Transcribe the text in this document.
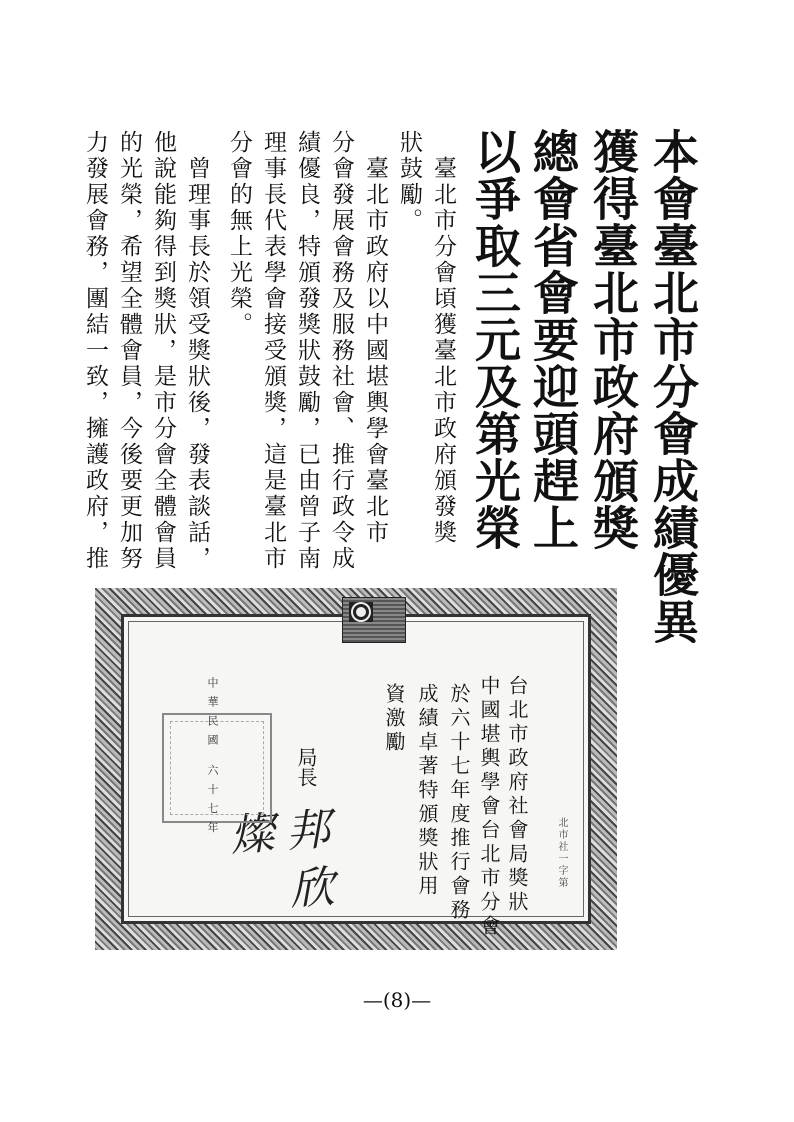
本會臺北市分會成績優異
獲得臺北市政府頒獎
總會省會要迎頭趕上
以爭取三元及第光榮
　臺北市分會頃獲臺北市政府頒發獎
狀鼓勵。
　臺北市政府以中國堪輿學會臺北市
分會發展會務及服務社會、推行政令成
績優良，特頒發獎狀鼓勵，已由曾子南
理事長代表學會接受頒獎，這是臺北市
分會的無上光榮。
　曾理事長於領受獎狀後，發表談話，
他說能夠得到獎狀，是市分會全體會員
的光榮，希望全體會員，今後要更加努
力發展會務，團結一致，擁護政府，推
台北市政府社會局獎狀
中國堪輿學會台北市分會
於六十七年度推行會務
成績卓著特頒獎狀用
資激勵
局長
邦 欣 燦
中華民國 六十七年
北市社一字第
—(8)—
